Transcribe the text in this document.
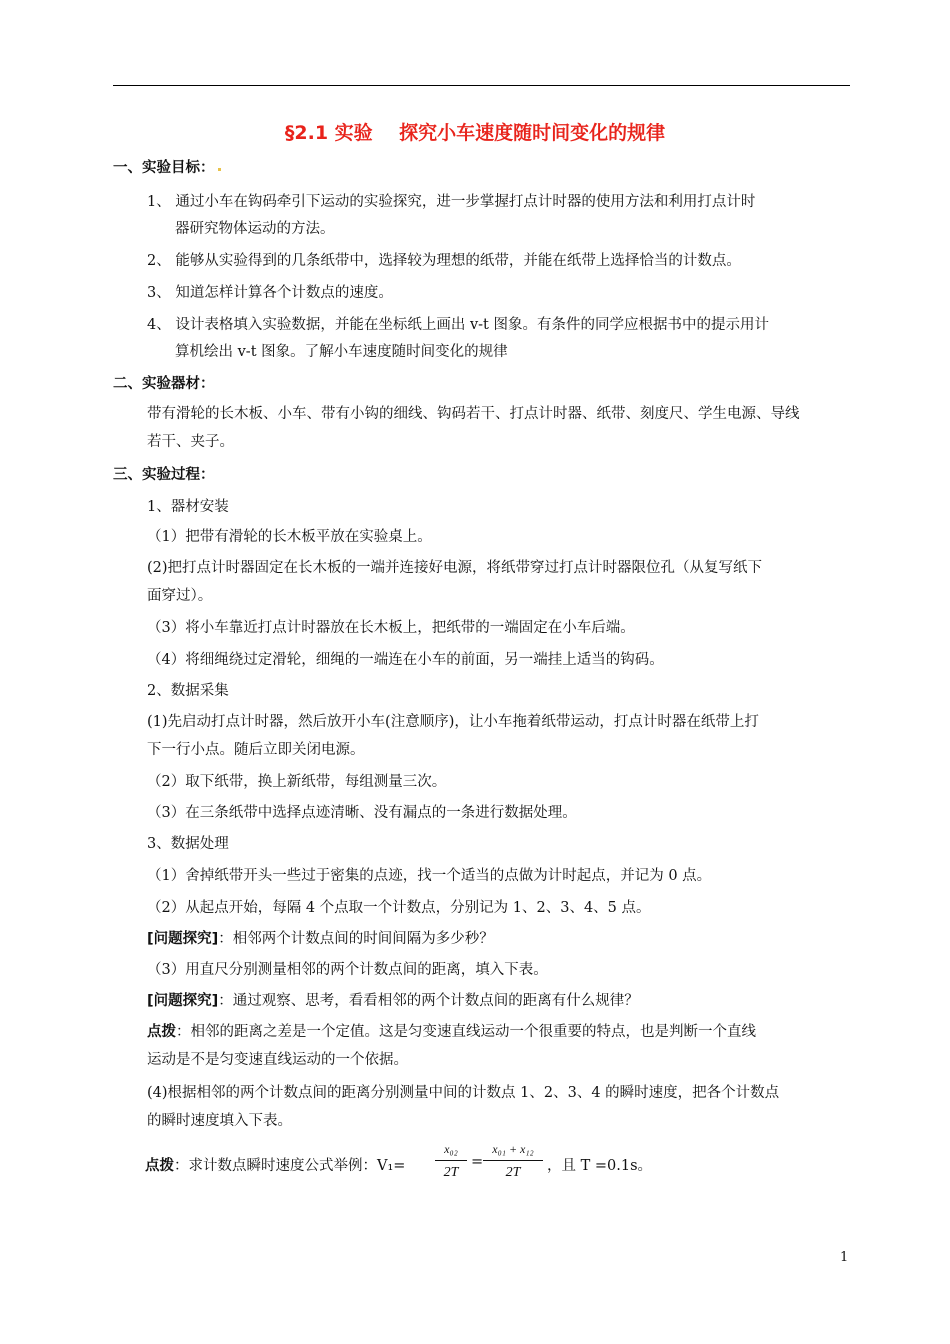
§2.1 实验    探究小车速度随时间变化的规律
一、实验目标：
1、 通过小车在钩码牵引下运动的实验探究，进一步掌握打点计时器的使用方法和利用打点计时
器研究物体运动的方法。
2、 能够从实验得到的几条纸带中，选择较为理想的纸带，并能在纸带上选择恰当的计数点。
3、 知道怎样计算各个计数点的速度。
4、 设计表格填入实验数据，并能在坐标纸上画出 v-t 图象。有条件的同学应根据书中的提示用计
算机绘出 v-t 图象。了解小车速度随时间变化的规律
二、实验器材：
带有滑轮的长木板、小车、带有小钩的细线、钩码若干、打点计时器、纸带、刻度尺、学生电源、导线
若干、夹子。
三、实验过程：
1、器材安装
（1）把带有滑轮的长木板平放在实验桌上。
(2)把打点计时器固定在长木板的一端并连接好电源，将纸带穿过打点计时器限位孔（从复写纸下
面穿过）。
（3）将小车靠近打点计时器放在长木板上，把纸带的一端固定在小车后端。
（4）将细绳绕过定滑轮，细绳的一端连在小车的前面，另一端挂上适当的钩码。
2、数据采集
(1)先启动打点计时器，然后放开小车(注意顺序)，让小车拖着纸带运动，打点计时器在纸带上打
下一行小点。随后立即关闭电源。
（2）取下纸带，换上新纸带，每组测量三次。
（3）在三条纸带中选择点迹清晰、没有漏点的一条进行数据处理。
3、数据处理
（1）舍掉纸带开头一些过于密集的点迹，找一个适当的点做为计时起点，并记为 0 点。
（2）从起点开始，每隔 4 个点取一个计数点，分别记为 1、2、3、4、5 点。
[问题探究]：相邻两个计数点间的时间间隔为多少秒？
（3）用直尺分别测量相邻的两个计数点间的距离，填入下表。
[问题探究]：通过观察、思考，看看相邻的两个计数点间的距离有什么规律？
点拨：相邻的距离之差是一个定值。这是匀变速直线运动一个很重要的特点，也是判断一个直线
运动是不是匀变速直线运动的一个依据。
(4)根据相邻的两个计数点间的距离分别测量中间的计数点 1、2、3、4 的瞬时速度，把各个计数点
的瞬时速度填入下表。
点拨：求计数点瞬时速度公式举例：V₁=
x₀₂
2T
=
x₀₁ + x₁₂
2T	，且 T =0.1s。
1
